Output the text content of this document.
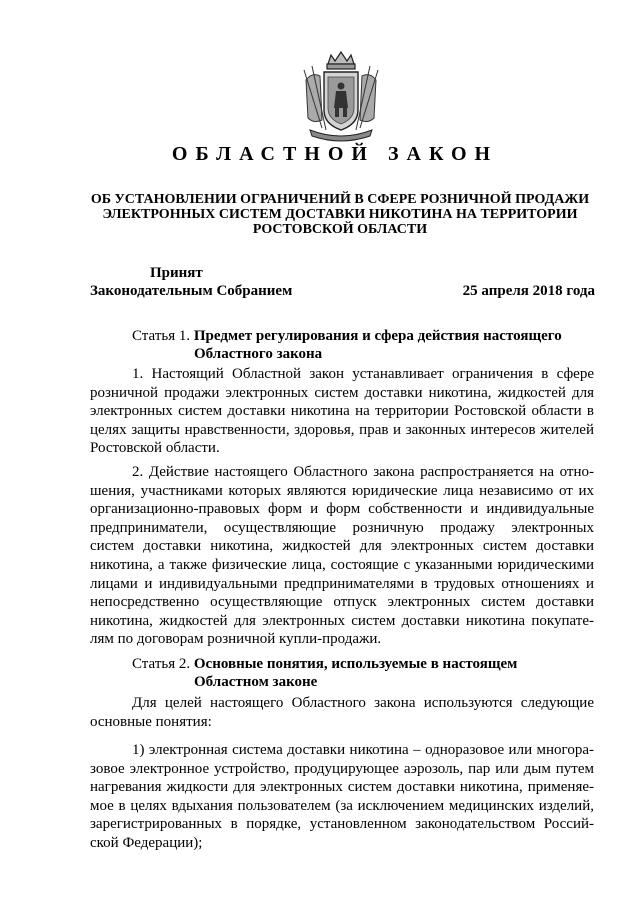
ОБЛАСТНОЙ ЗАКОН
ОБ УСТАНОВЛЕНИИ ОГРАНИЧЕНИЙ В СФЕРЕ РОЗНИЧНОЙ ПРОДАЖИ
ЭЛЕКТРОННЫХ СИСТЕМ ДОСТАВКИ НИКОТИНА НА ТЕРРИТОРИИ
РОСТОВСКОЙ ОБЛАСТИ
Принят
Законодательным Собранием	25 апреля 2018 года
Статья 1. Предмет регулирования и сфера действия настоящего
Областного закона
1. Настоящий Областной закон устанавливает ограничения в сфере
розничной продажи электронных систем доставки никотина, жидкостей для
электронных систем доставки никотина на территории Ростовской области в
целях защиты нравственности, здоровья, прав и законных интересов жителей
Ростовской области.
2. Действие настоящего Областного закона распространяется на отно-
шения, участниками которых являются юридические лица независимо от их
организационно-правовых форм и форм собственности и индивидуальные
предприниматели, осуществляющие розничную продажу электронных
систем доставки никотина, жидкостей для электронных систем доставки
никотина, а также физические лица, состоящие с указанными юридическими
лицами и индивидуальными предпринимателями в трудовых отношениях и
непосредственно осуществляющие отпуск электронных систем доставки
никотина, жидкостей для электронных систем доставки никотина покупате-
лям по договорам розничной купли-продажи.
Статья 2. Основные понятия, используемые в настоящем
Областном законе
Для целей настоящего Областного закона используются следующие
основные понятия:
1) электронная система доставки никотина – одноразовое или многора-
зовое электронное устройство, продуцирующее аэрозоль, пар или дым путем
нагревания жидкости для электронных систем доставки никотина, применяе-
мое в целях вдыхания пользователем (за исключением медицинских изделий,
зарегистрированных в порядке, установленном законодательством Россий-
ской Федерации);
